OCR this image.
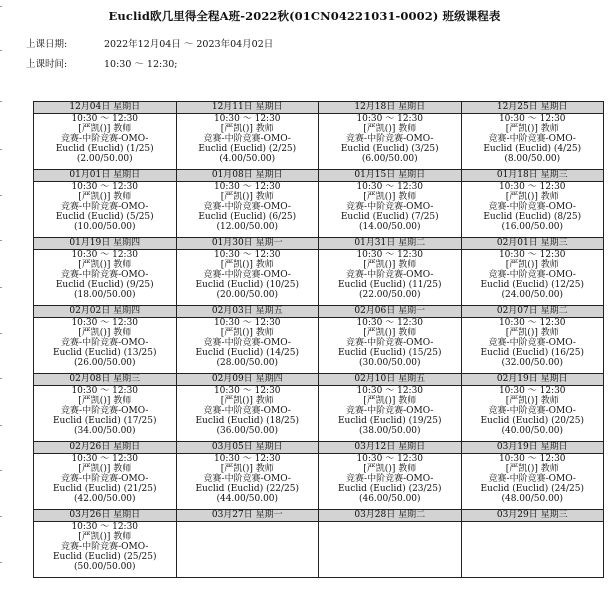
Euclid欧几里得全程A班-2022秋(01CN04221031-0002) 班级课程表
上课日期:	2022年12月04日 ～ 2023年04月02日
上课时间:	10:30 ～ 12:30;
12月04日 星期日	12月11日 星期日	12月18日 星期日	12月25日 星期日

10:30 ～ 12:30
[严凯()] 教师
竞赛-中阶竞赛-OMO-
Euclid (Euclid) (1/25)
(2.00/50.00)	10:30 ～ 12:30
[严凯()] 教师
竞赛-中阶竞赛-OMO-
Euclid (Euclid) (2/25)
(4.00/50.00)	10:30 ～ 12:30
[严凯()] 教师
竞赛-中阶竞赛-OMO-
Euclid (Euclid) (3/25)
(6.00/50.00)	10:30 ～ 12:30
[严凯()] 教师
竞赛-中阶竞赛-OMO-
Euclid (Euclid) (4/25)
(8.00/50.00)

01月01日 星期日	01月08日 星期日	01月15日 星期日	01月18日 星期三

10:30 ～ 12:30
[严凯()] 教师
竞赛-中阶竞赛-OMO-
Euclid (Euclid) (5/25)
(10.00/50.00)	10:30 ～ 12:30
[严凯()] 教师
竞赛-中阶竞赛-OMO-
Euclid (Euclid) (6/25)
(12.00/50.00)	10:30 ～ 12:30
[严凯()] 教师
竞赛-中阶竞赛-OMO-
Euclid (Euclid) (7/25)
(14.00/50.00)	10:30 ～ 12:30
[严凯()] 教师
竞赛-中阶竞赛-OMO-
Euclid (Euclid) (8/25)
(16.00/50.00)

01月19日 星期四	01月30日 星期一	01月31日 星期二	02月01日 星期三

10:30 ～ 12:30
[严凯()] 教师
竞赛-中阶竞赛-OMO-
Euclid (Euclid) (9/25)
(18.00/50.00)	10:30 ～ 12:30
[严凯()] 教师
竞赛-中阶竞赛-OMO-
Euclid (Euclid) (10/25)
(20.00/50.00)	10:30 ～ 12:30
[严凯()] 教师
竞赛-中阶竞赛-OMO-
Euclid (Euclid) (11/25)
(22.00/50.00)	10:30 ～ 12:30
[严凯()] 教师
竞赛-中阶竞赛-OMO-
Euclid (Euclid) (12/25)
(24.00/50.00)

02月02日 星期四	02月03日 星期五	02月06日 星期一	02月07日 星期二

10:30 ～ 12:30
[严凯()] 教师
竞赛-中阶竞赛-OMO-
Euclid (Euclid) (13/25)
(26.00/50.00)	10:30 ～ 12:30
[严凯()] 教师
竞赛-中阶竞赛-OMO-
Euclid (Euclid) (14/25)
(28.00/50.00)	10:30 ～ 12:30
[严凯()] 教师
竞赛-中阶竞赛-OMO-
Euclid (Euclid) (15/25)
(30.00/50.00)	10:30 ～ 12:30
[严凯()] 教师
竞赛-中阶竞赛-OMO-
Euclid (Euclid) (16/25)
(32.00/50.00)

02月08日 星期三	02月09日 星期四	02月10日 星期五	02月19日 星期日

10:30 ～ 12:30
[严凯()] 教师
竞赛-中阶竞赛-OMO-
Euclid (Euclid) (17/25)
(34.00/50.00)	10:30 ～ 12:30
[严凯()] 教师
竞赛-中阶竞赛-OMO-
Euclid (Euclid) (18/25)
(36.00/50.00)	10:30 ～ 12:30
[严凯()] 教师
竞赛-中阶竞赛-OMO-
Euclid (Euclid) (19/25)
(38.00/50.00)	10:30 ～ 12:30
[严凯()] 教师
竞赛-中阶竞赛-OMO-
Euclid (Euclid) (20/25)
(40.00/50.00)

02月26日 星期日	03月05日 星期日	03月12日 星期日	03月19日 星期日

10:30 ～ 12:30
[严凯()] 教师
竞赛-中阶竞赛-OMO-
Euclid (Euclid) (21/25)
(42.00/50.00)	10:30 ～ 12:30
[严凯()] 教师
竞赛-中阶竞赛-OMO-
Euclid (Euclid) (22/25)
(44.00/50.00)	10:30 ～ 12:30
[严凯()] 教师
竞赛-中阶竞赛-OMO-
Euclid (Euclid) (23/25)
(46.00/50.00)	10:30 ～ 12:30
[严凯()] 教师
竞赛-中阶竞赛-OMO-
Euclid (Euclid) (24/25)
(48.00/50.00)

03月26日 星期日	03月27日 星期一	03月28日 星期二	03月29日 星期三

10:30 ～ 12:30
[严凯()] 教师
竞赛-中阶竞赛-OMO-
Euclid (Euclid) (25/25)
(50.00/50.00)			
